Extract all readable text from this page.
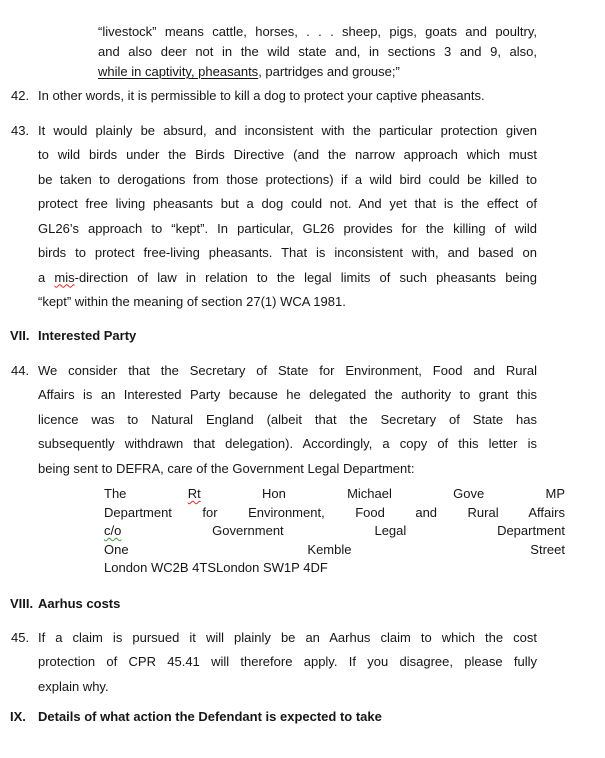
“livestock” means cattle, horses, . . . sheep, pigs, goats and poultry,
and also deer not in the wild state and, in sections 3 and 9, also,
while in captivity, pheasants, partridges and grouse;”
42. In other words, it is permissible to kill a dog to protect your captive pheasants.
43. It would plainly be absurd, and inconsistent with the particular protection given
to wild birds under the Birds Directive (and the narrow approach which must
be taken to derogations from those protections) if a wild bird could be killed to
protect free living pheasants but a dog could not. And yet that is the effect of
GL26’s approach to “kept”. In particular, GL26 provides for the killing of wild
birds to protect free-living pheasants. That is inconsistent with, and based on
a mis-direction of law in relation to the legal limits of such pheasants being
“kept” within the meaning of section 27(1) WCA 1981.
VII. Interested Party
44. We consider that the Secretary of State for Environment, Food and Rural
Affairs is an Interested Party because he delegated the authority to grant this
licence was to Natural England (albeit that the Secretary of State has
subsequently withdrawn that delegation). Accordingly, a copy of this letter is
being sent to DEFRA, care of the Government Legal Department:
The Rt Hon Michael Gove MP
Department for Environment, Food and Rural Affairs
c/o Government Legal Department
One Kemble Street
London WC2B 4TSLondon SW1P 4DF
VIII. Aarhus costs
45. If a claim is pursued it will plainly be an Aarhus claim to which the cost
protection of CPR 45.41 will therefore apply. If you disagree, please fully
explain why.
IX. Details of what action the Defendant is expected to take
